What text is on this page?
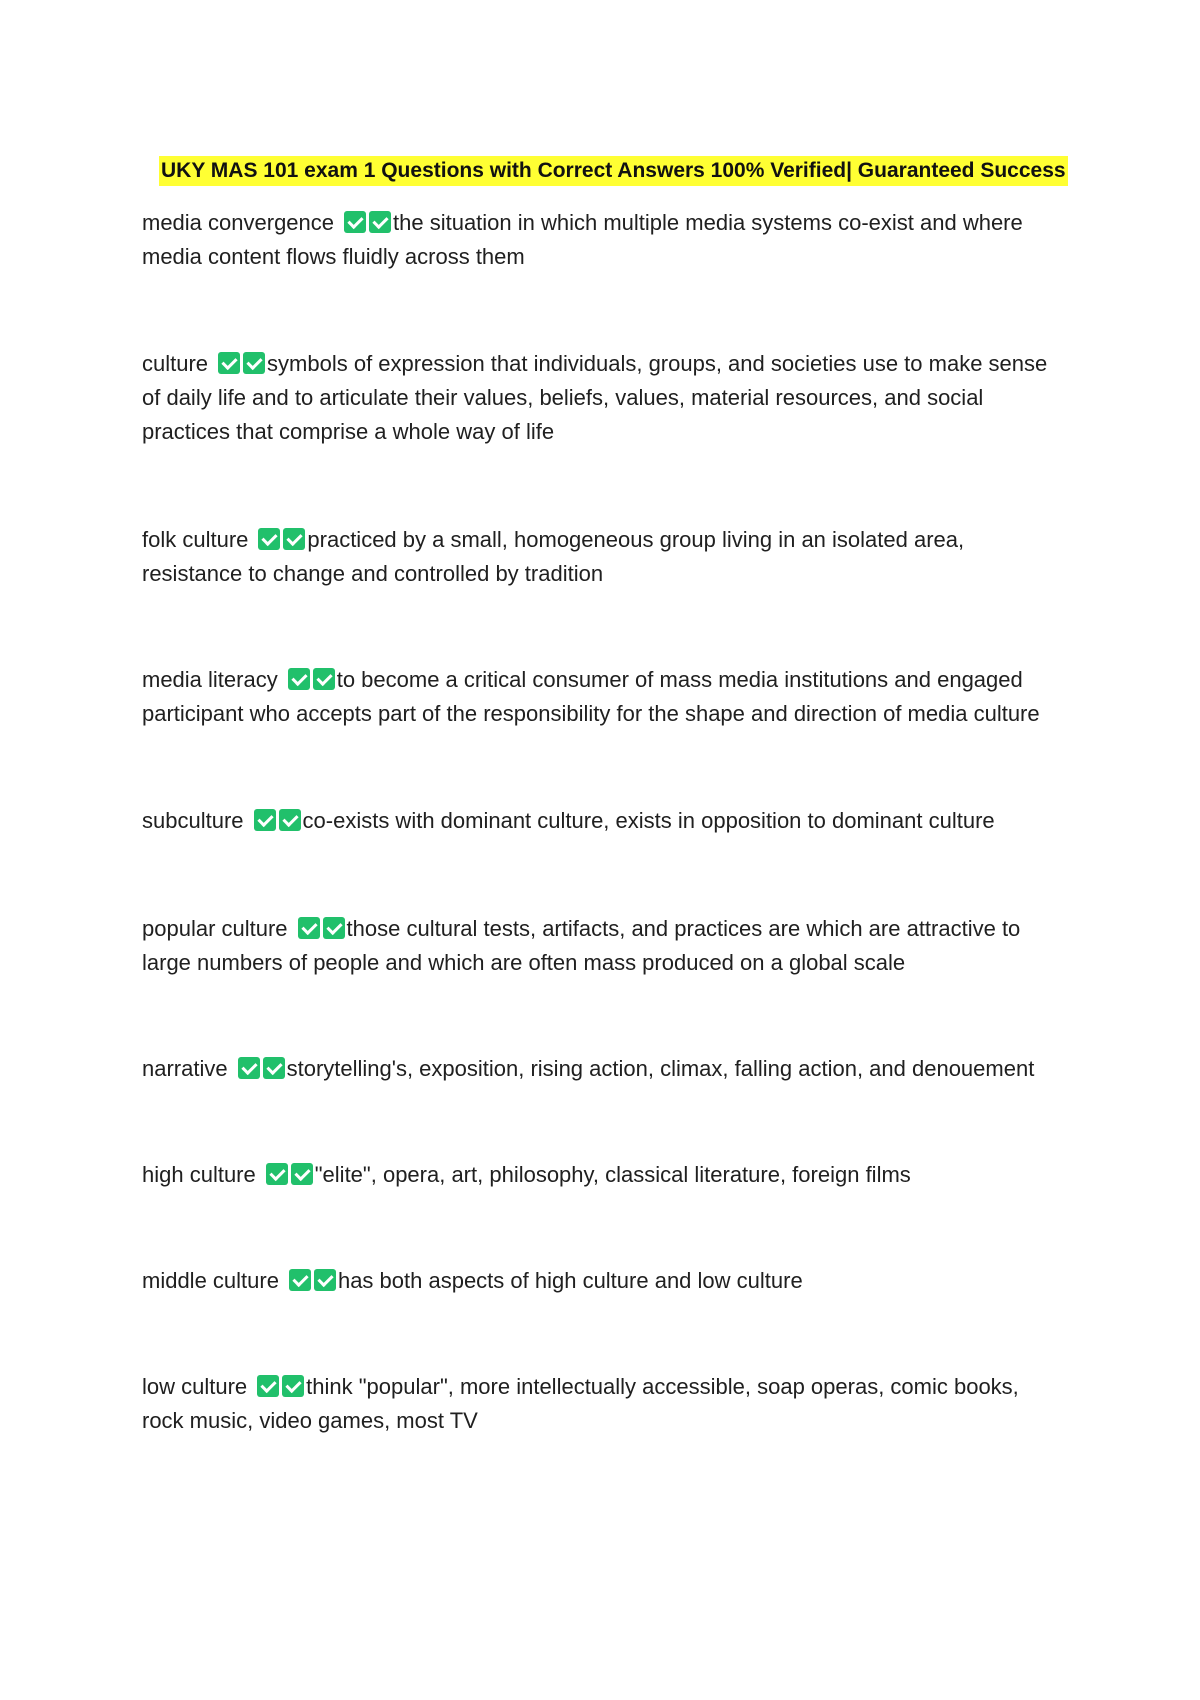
UKY MAS 101 exam 1 Questions with Correct Answers 100% Verified| Guaranteed Success
media convergence	the situation in which multiple media systems co-exist and where media content flows fluidly across them
culture	symbols of expression that individuals, groups, and societies use to make sense of daily life and to articulate their values, beliefs, values, material resources, and social practices that comprise a whole way of life
folk culture	practiced by a small, homogeneous group living in an isolated area, resistance to change and controlled by tradition
media literacy	to become a critical consumer of mass media institutions and engaged participant who accepts part of the responsibility for the shape and direction of media culture
subculture	co-exists with dominant culture, exists in opposition to dominant culture
popular culture	those cultural tests, artifacts, and practices are which are attractive to large numbers of people and which are often mass produced on a global scale
narrative	storytelling's, exposition, rising action, climax, falling action, and denouement
high culture	"elite", opera, art, philosophy, classical literature, foreign films
middle culture	has both aspects of high culture and low culture
low culture	think "popular", more intellectually accessible, soap operas, comic books, rock music, video games, most TV
